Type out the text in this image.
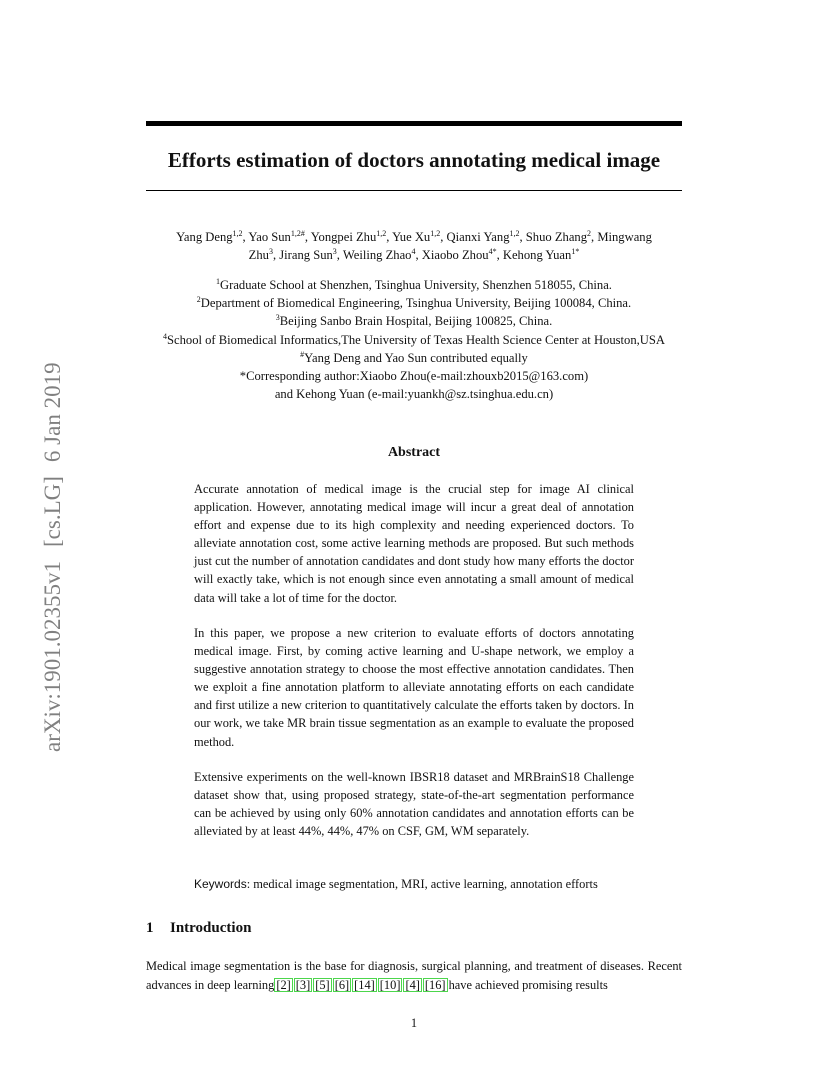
arXiv:1901.02355v1[cs.LG]6 Jan 2019
Efforts estimation of doctors annotating medical image
Yang Deng$^{1,2}$, Yao Sun$^{1,2\#}$, Yongpei Zhu$^{1,2}$, Yue Xu$^{1,2}$, Qianxi Yang$^{1,2}$, Shuo Zhang$^2$, Mingwang
Zhu$^3$, Jirang Sun$^3$, Weiling Zhao$^4$, Xiaobo Zhou$^{4*}$, Kehong Yuan$^{1*}$
$^1$Graduate School at Shenzhen, Tsinghua University, Shenzhen 518055, China.
$^2$Department of Biomedical Engineering, Tsinghua University, Beijing 100084, China.
$^3$Beijing Sanbo Brain Hospital, Beijing 100825, China.
$^4$School of Biomedical Informatics,The University of Texas Health Science Center at Houston,USA
#Yang Deng and Yao Sun contributed equally
*Corresponding author:Xiaobo Zhou(e-mail:zhouxb2015@163.com)
and Kehong Yuan (e-mail:yuankh@sz.tsinghua.edu.cn)
Abstract

Accurate annotation of medical image is the crucial step for image AI clinical application. However, annotating medical image will incur a great deal of annotation effort and expense due to its high complexity and needing experienced doctors. To alleviate annotation cost, some active learning methods are proposed. But such methods just cut the number of annotation candidates and dont study how many efforts the doctor will exactly take, which is not enough since even annotating a small amount of medical data will take a lot of time for the doctor.

In this paper, we propose a new criterion to evaluate efforts of doctors annotating medical image. First, by coming active learning and U-shape network, we employ a suggestive annotation strategy to choose the most effective annotation candidates. Then we exploit a fine annotation platform to alleviate annotating efforts on each candidate and first utilize a new criterion to quantitatively calculate the efforts taken by doctors. In our work, we take MR brain tissue segmentation as an example to evaluate the proposed method.

Extensive experiments on the well-known IBSR18 dataset and MRBrainS18 Challenge dataset show that, using proposed strategy, state-of-the-art segmentation performance can be achieved by using only 60% annotation candidates and annotation efforts can be alleviated by at least 44%, 44%, 47% on CSF, GM, WM separately.

Keywords: medical image segmentation, MRI, active learning, annotation efforts
1 Introduction

Medical image segmentation is the base for diagnosis, surgical planning, and treatment of diseases. Recent advances in deep learning [2] [3] [5] [6] [14] [10] [4] [16] have achieved promising results

1
